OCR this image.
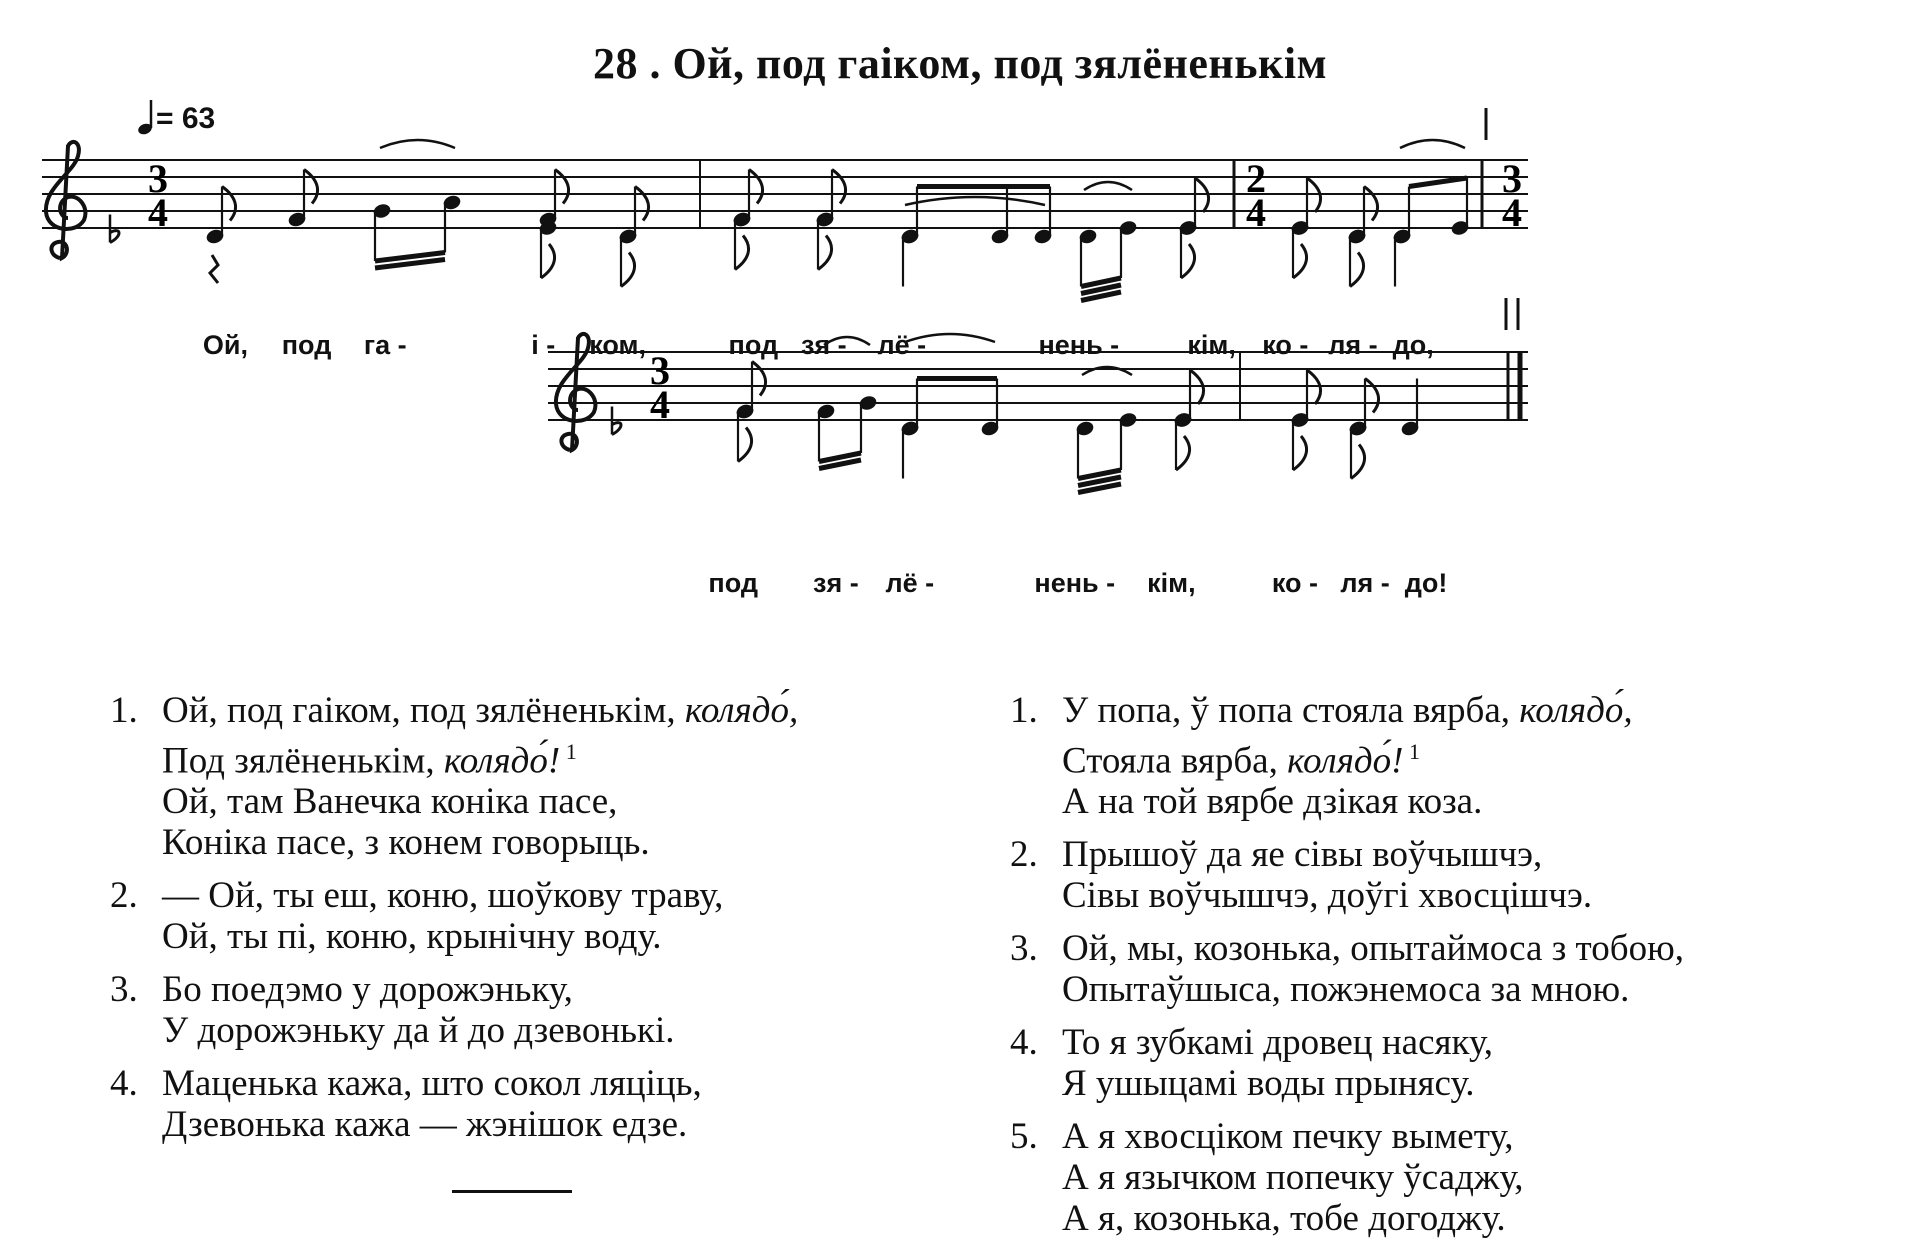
28 . Ой, под гаіком, под зялёненькім
= 63
3
4
2
4
3
4
3
4
Ой, под га -	і - ком,	под зя - лё -	нень -	кім, ко - ля - до,
под зя - лё -	нень - кім,	ко - ля - до!
1. Ой, под гаіком, под зялёненькім, колядо́,
Под зялёненькім, колядо́! $^1$
Ой, там Ванечка коніка пасе,
Коніка пасе, з конем говорыць.
2. — Ой, ты еш, коню, шоўкову траву,
Ой, ты пі, коню, крынічну воду.
3. Бо поедэмо у дорожэньку,
У дорожэньку да й до дзевонькі.
4. Маценька кажа, што сокол ляціць,
Дзевонька кажа — жэнішок едзе.
1. У попа, ў попа стояла вярба, колядо́,
Стояла вярба, колядо́! $^1$
А на той вярбе дзікая коза.
2. Прышоў да яе сівы воўчышчэ,
Сівы воўчышчэ, доўгі хвосцішчэ.
3. Ой, мы, козонька, опытаймоса з тобою,
Опытаўшыса, пожэнемоса за мною.
4. То я зубкамі дровец насяку,
Я ушыцамі воды прынясу.
5. А я хвосціком печку вымету,
А я язычком попечку ўсаджу,
А я, козонька, тобе догоджу.
